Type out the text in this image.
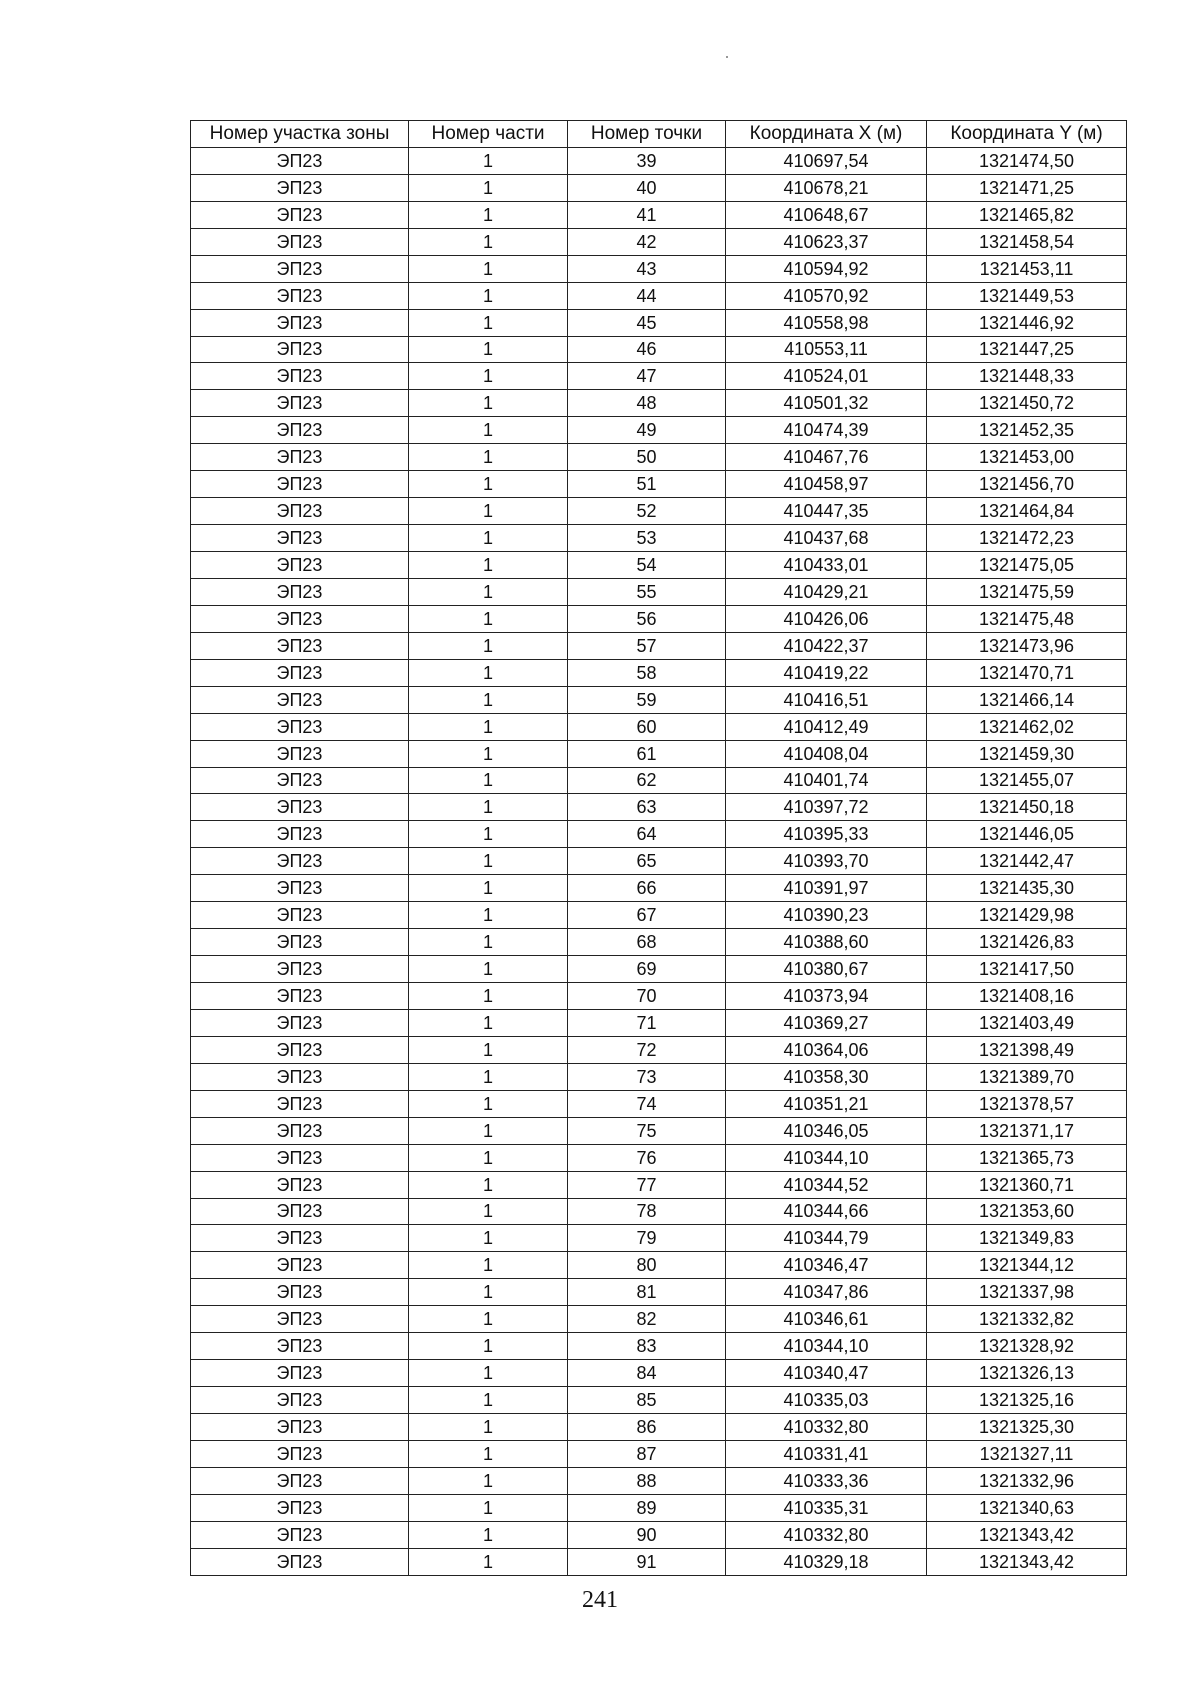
Номер участка зоны	Номер части	Номер точки	Координата X (м)	Координата Y (м)
ЭП23	1	39	410697,54	1321474,50
ЭП23	1	40	410678,21	1321471,25
ЭП23	1	41	410648,67	1321465,82
ЭП23	1	42	410623,37	1321458,54
ЭП23	1	43	410594,92	1321453,11
ЭП23	1	44	410570,92	1321449,53
ЭП23	1	45	410558,98	1321446,92
ЭП23	1	46	410553,11	1321447,25
ЭП23	1	47	410524,01	1321448,33
ЭП23	1	48	410501,32	1321450,72
ЭП23	1	49	410474,39	1321452,35
ЭП23	1	50	410467,76	1321453,00
ЭП23	1	51	410458,97	1321456,70
ЭП23	1	52	410447,35	1321464,84
ЭП23	1	53	410437,68	1321472,23
ЭП23	1	54	410433,01	1321475,05
ЭП23	1	55	410429,21	1321475,59
ЭП23	1	56	410426,06	1321475,48
ЭП23	1	57	410422,37	1321473,96
ЭП23	1	58	410419,22	1321470,71
ЭП23	1	59	410416,51	1321466,14
ЭП23	1	60	410412,49	1321462,02
ЭП23	1	61	410408,04	1321459,30
ЭП23	1	62	410401,74	1321455,07
ЭП23	1	63	410397,72	1321450,18
ЭП23	1	64	410395,33	1321446,05
ЭП23	1	65	410393,70	1321442,47
ЭП23	1	66	410391,97	1321435,30
ЭП23	1	67	410390,23	1321429,98
ЭП23	1	68	410388,60	1321426,83
ЭП23	1	69	410380,67	1321417,50
ЭП23	1	70	410373,94	1321408,16
ЭП23	1	71	410369,27	1321403,49
ЭП23	1	72	410364,06	1321398,49
ЭП23	1	73	410358,30	1321389,70
ЭП23	1	74	410351,21	1321378,57
ЭП23	1	75	410346,05	1321371,17
ЭП23	1	76	410344,10	1321365,73
ЭП23	1	77	410344,52	1321360,71
ЭП23	1	78	410344,66	1321353,60
ЭП23	1	79	410344,79	1321349,83
ЭП23	1	80	410346,47	1321344,12
ЭП23	1	81	410347,86	1321337,98
ЭП23	1	82	410346,61	1321332,82
ЭП23	1	83	410344,10	1321328,92
ЭП23	1	84	410340,47	1321326,13
ЭП23	1	85	410335,03	1321325,16
ЭП23	1	86	410332,80	1321325,30
ЭП23	1	87	410331,41	1321327,11
ЭП23	1	88	410333,36	1321332,96
ЭП23	1	89	410335,31	1321340,63
ЭП23	1	90	410332,80	1321343,42
ЭП23	1	91	410329,18	1321343,42
241
